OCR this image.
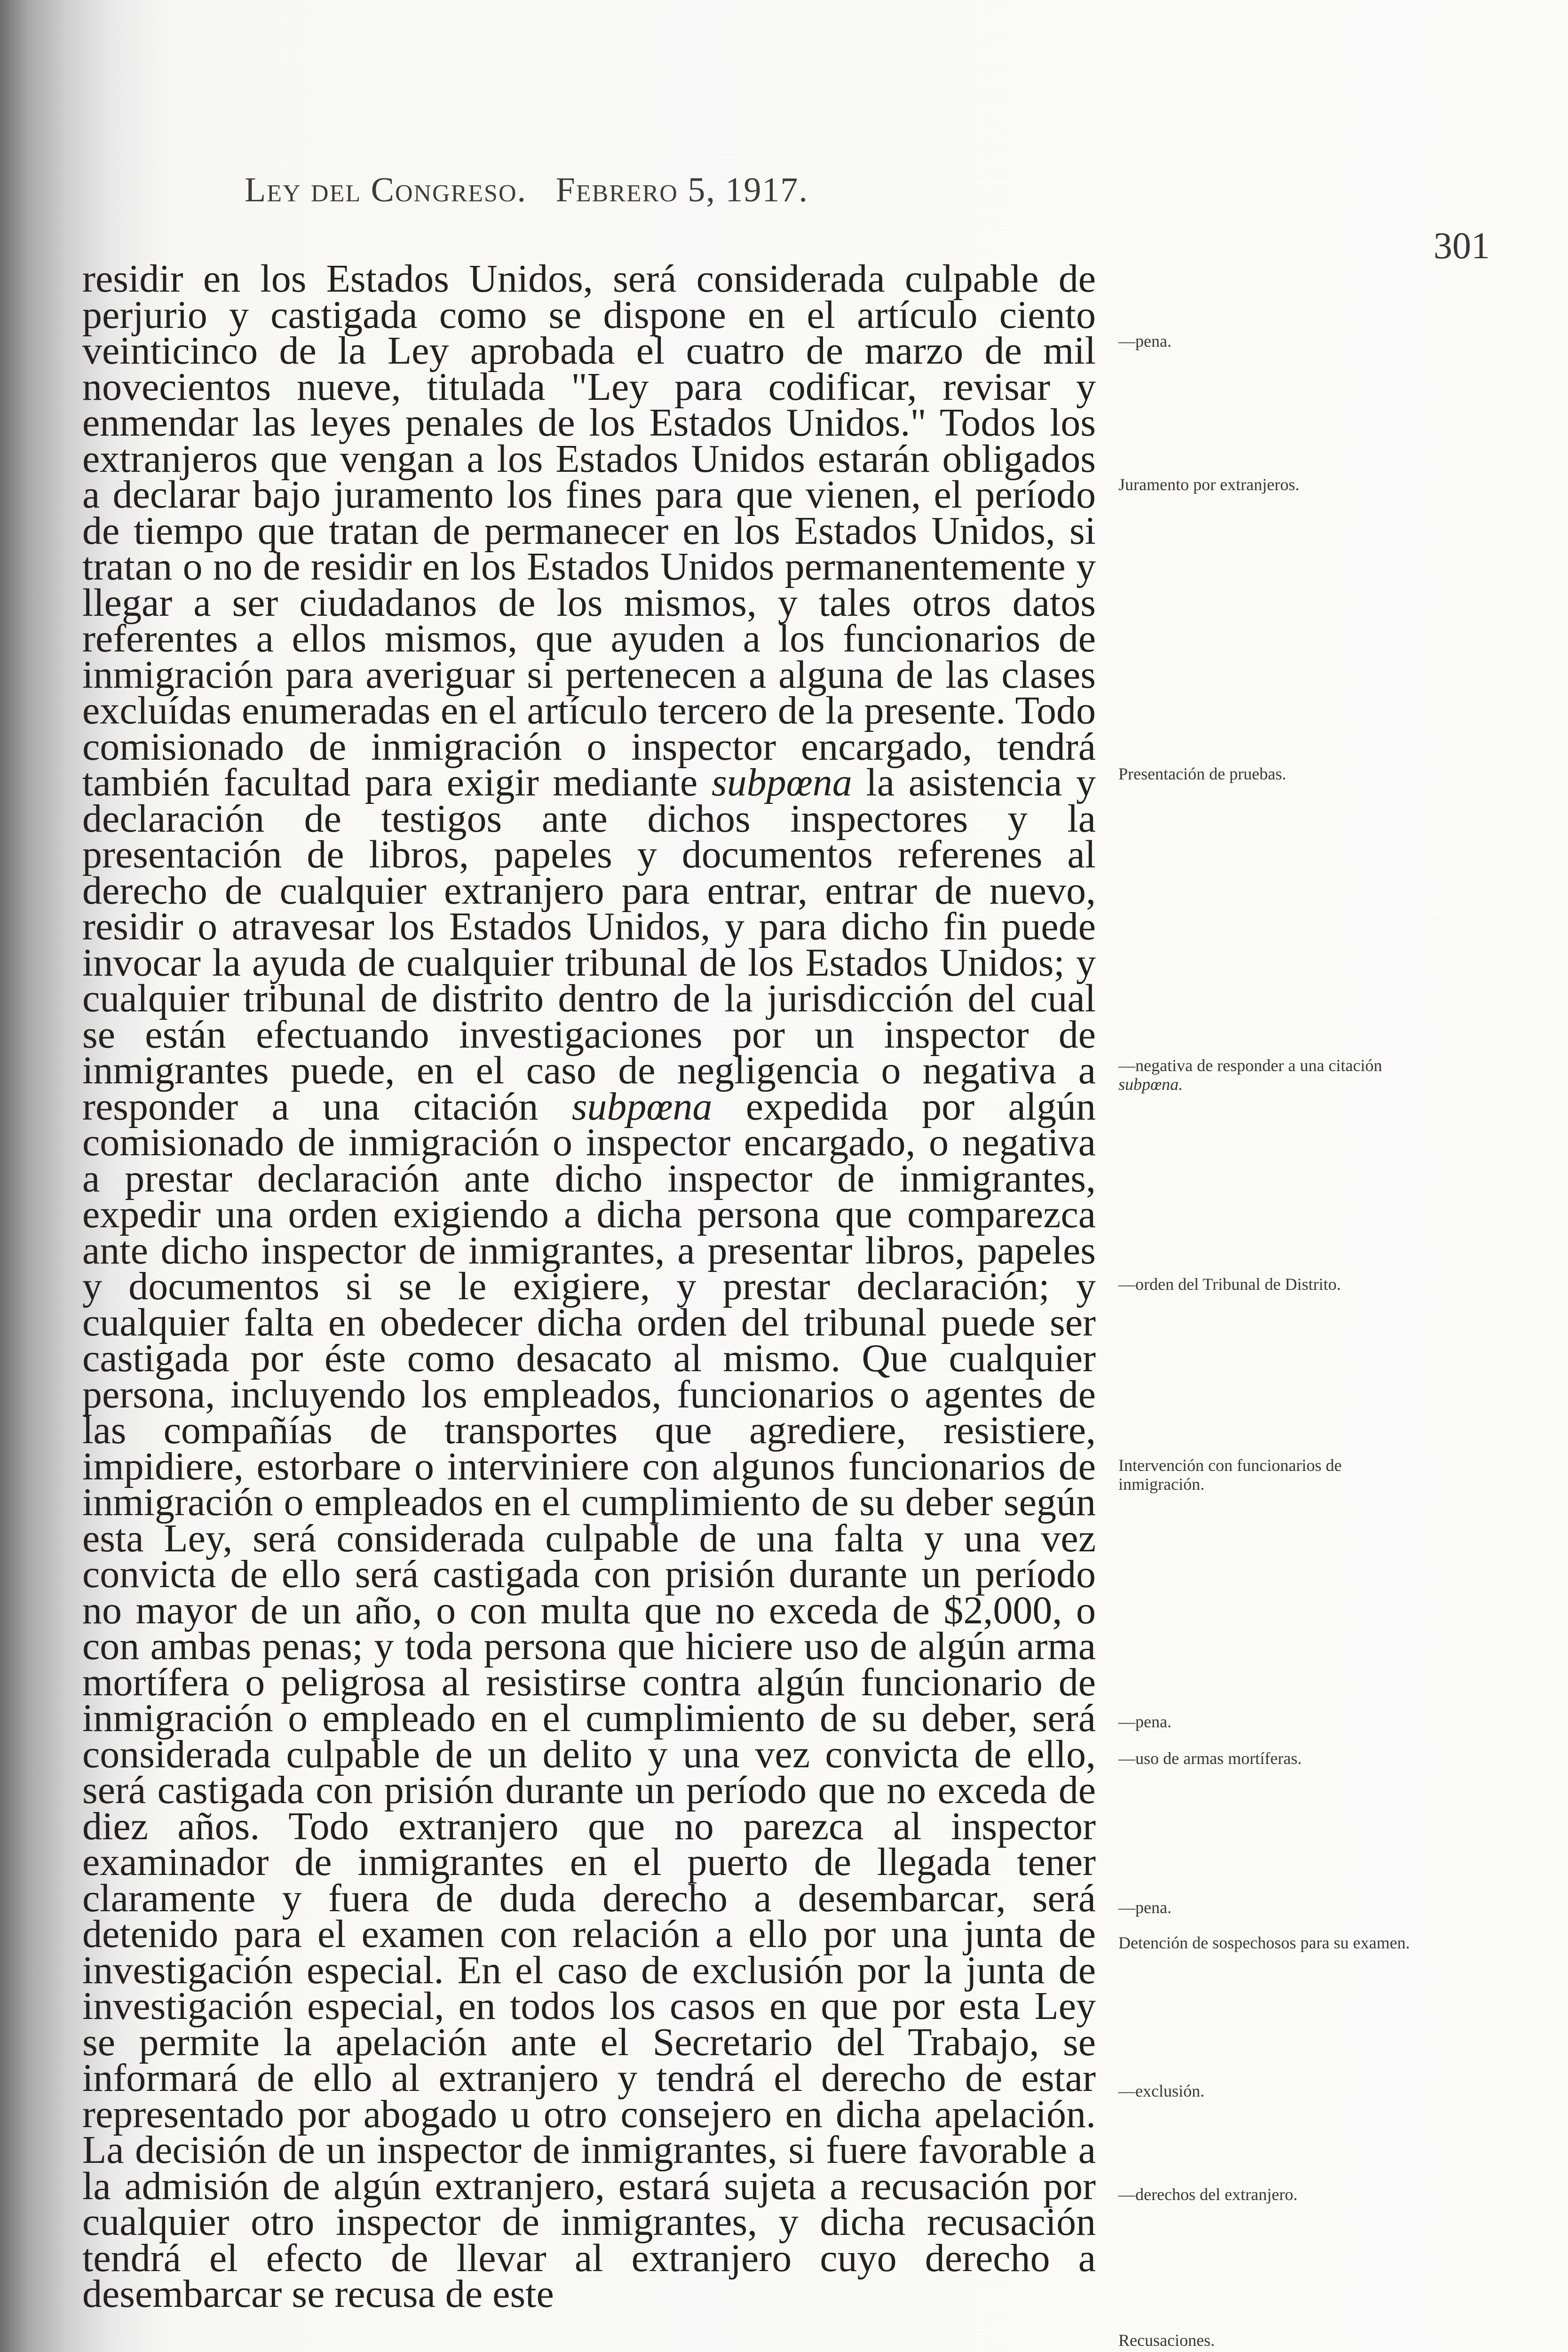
Ley del Congreso. Febrero 5, 1917.
301

residir en los Estados Unidos, será considerada culpable de perjurio y castigada como se dispone en el artículo ciento veinticinco de la Ley aprobada el cuatro de marzo de mil novecientos nueve, titulada "Ley para codificar, revisar y enmendar las leyes penales de los Estados Unidos." Todos los extranjeros que vengan a los Estados Unidos estarán obligados a declarar bajo juramento los fines para que vienen, el período de tiempo que tratan de permanecer en los Estados Unidos, si tratan o no de residir en los Estados Unidos permanentemente y llegar a ser ciudadanos de los mismos, y tales otros datos referentes a ellos mismos, que ayuden a los funcionarios de inmigración para averiguar si pertenecen a alguna de las clases excluídas enumeradas en el artículo tercero de la presente. Todo comisionado de inmigración o inspector encargado, tendrá también facultad para exigir mediante subpœna la asistencia y declaración de testigos ante dichos inspectores y la presentación de libros, papeles y documentos referenes al derecho de cualquier extranjero para entrar, entrar de nuevo, residir o atravesar los Estados Unidos, y para dicho fin puede invocar la ayuda de cualquier tribunal de los Estados Unidos; y cualquier tribunal de distrito dentro de la jurisdicción del cual se están efectuando investigaciones por un inspector de inmigrantes puede, en el caso de negligencia o negativa a responder a una citación subpœna expedida por algún comisionado de inmigración o inspector encargado, o negativa a prestar declaración ante dicho inspector de inmigrantes, expedir una orden exigiendo a dicha persona que comparezca ante dicho inspector de inmigrantes, a presentar libros, papeles y documentos si se le exigiere, y prestar declaración; y cualquier falta en obedecer dicha orden del tribunal puede ser castigada por éste como desacato al mismo. Que cualquier persona, incluyendo los empleados, funcionarios o agentes de las compañías de transportes que agrediere, resistiere, impidiere, estorbare o interviniere con algunos funcionarios de inmigración o empleados en el cumplimiento de su deber según esta Ley, será considerada culpable de una falta y una vez convicta de ello será castigada con prisión durante un período no mayor de un año, o con multa que no exceda de $2,000, o con ambas penas; y toda persona que hiciere uso de algún arma mortífera o peligrosa al resistirse contra algún funcionario de inmigración o empleado en el cumplimiento de su deber, será considerada culpable de un delito y una vez convicta de ello, será castigada con prisión durante un período que no exceda de diez años. Todo extranjero que no parezca al inspector examinador de inmigrantes en el puerto de llegada tener claramente y fuera de duda derecho a desembarcar, será detenido para el examen con relación a ello por una junta de investigación especial. En el caso de exclusión por la junta de investigación especial, en todos los casos en que por esta Ley se permite la apelación ante el Secretario del Trabajo, se informará de ello al extranjero y tendrá el derecho de estar representado por abogado u otro consejero en dicha apelación. La decisión de un inspector de inmigrantes, si fuere favorable a la admisión de algún extranjero, estará sujeta a recusación por cualquier otro inspector de inmigrantes, y dicha recusación tendrá el efecto de llevar al extranjero cuyo derecho a desembarcar se recusa de este

—pena.
Juramento por extranjeros.
Presentación de pruebas.
—negativa de responder a una citación subpœna.
—orden del Tribunal de Distrito.
Intervención con funcionarios de inmigración.
—pena.
—uso de armas mortíferas.
—pena.
Detención de sospechosos para su examen.
—exclusión.
—derechos del extranjero.
Recusaciones.
